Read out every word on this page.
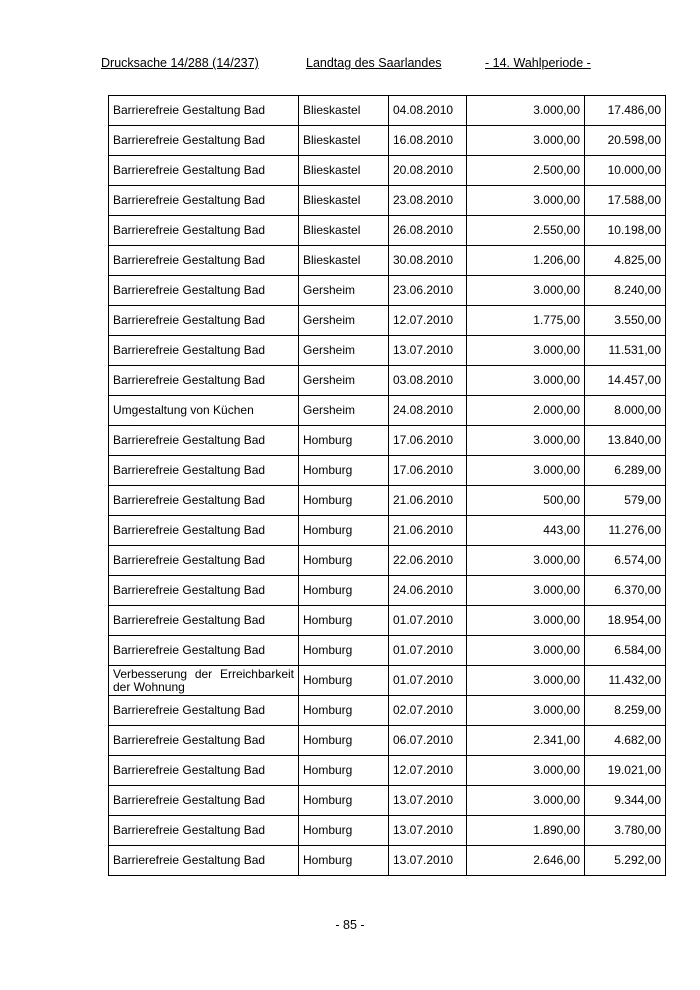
Drucksache 14/288 (14/237)	Landtag des Saarlandes	- 14. Wahlperiode -
Barrierefreie Gestaltung Bad	Blieskastel	04.08.2010	3.000,00	17.486,00
Barrierefreie Gestaltung Bad	Blieskastel	16.08.2010	3.000,00	20.598,00
Barrierefreie Gestaltung Bad	Blieskastel	20.08.2010	2.500,00	10.000,00
Barrierefreie Gestaltung Bad	Blieskastel	23.08.2010	3.000,00	17.588,00
Barrierefreie Gestaltung Bad	Blieskastel	26.08.2010	2.550,00	10.198,00
Barrierefreie Gestaltung Bad	Blieskastel	30.08.2010	1.206,00	4.825,00
Barrierefreie Gestaltung Bad	Gersheim	23.06.2010	3.000,00	8.240,00
Barrierefreie Gestaltung Bad	Gersheim	12.07.2010	1.775,00	3.550,00
Barrierefreie Gestaltung Bad	Gersheim	13.07.2010	3.000,00	11.531,00
Barrierefreie Gestaltung Bad	Gersheim	03.08.2010	3.000,00	14.457,00
Umgestaltung von Küchen	Gersheim	24.08.2010	2.000,00	8.000,00
Barrierefreie Gestaltung Bad	Homburg	17.06.2010	3.000,00	13.840,00
Barrierefreie Gestaltung Bad	Homburg	17.06.2010	3.000,00	6.289,00
Barrierefreie Gestaltung Bad	Homburg	21.06.2010	500,00	579,00
Barrierefreie Gestaltung Bad	Homburg	21.06.2010	443,00	11.276,00
Barrierefreie Gestaltung Bad	Homburg	22.06.2010	3.000,00	6.574,00
Barrierefreie Gestaltung Bad	Homburg	24.06.2010	3.000,00	6.370,00
Barrierefreie Gestaltung Bad	Homburg	01.07.2010	3.000,00	18.954,00
Barrierefreie Gestaltung Bad	Homburg	01.07.2010	3.000,00	6.584,00
Verbesserung der Erreichbarkeit der Wohnung	Homburg	01.07.2010	3.000,00	11.432,00
Barrierefreie Gestaltung Bad	Homburg	02.07.2010	3.000,00	8.259,00
Barrierefreie Gestaltung Bad	Homburg	06.07.2010	2.341,00	4.682,00
Barrierefreie Gestaltung Bad	Homburg	12.07.2010	3.000,00	19.021,00
Barrierefreie Gestaltung Bad	Homburg	13.07.2010	3.000,00	9.344,00
Barrierefreie Gestaltung Bad	Homburg	13.07.2010	1.890,00	3.780,00
Barrierefreie Gestaltung Bad	Homburg	13.07.2010	2.646,00	5.292,00
- 85 -
